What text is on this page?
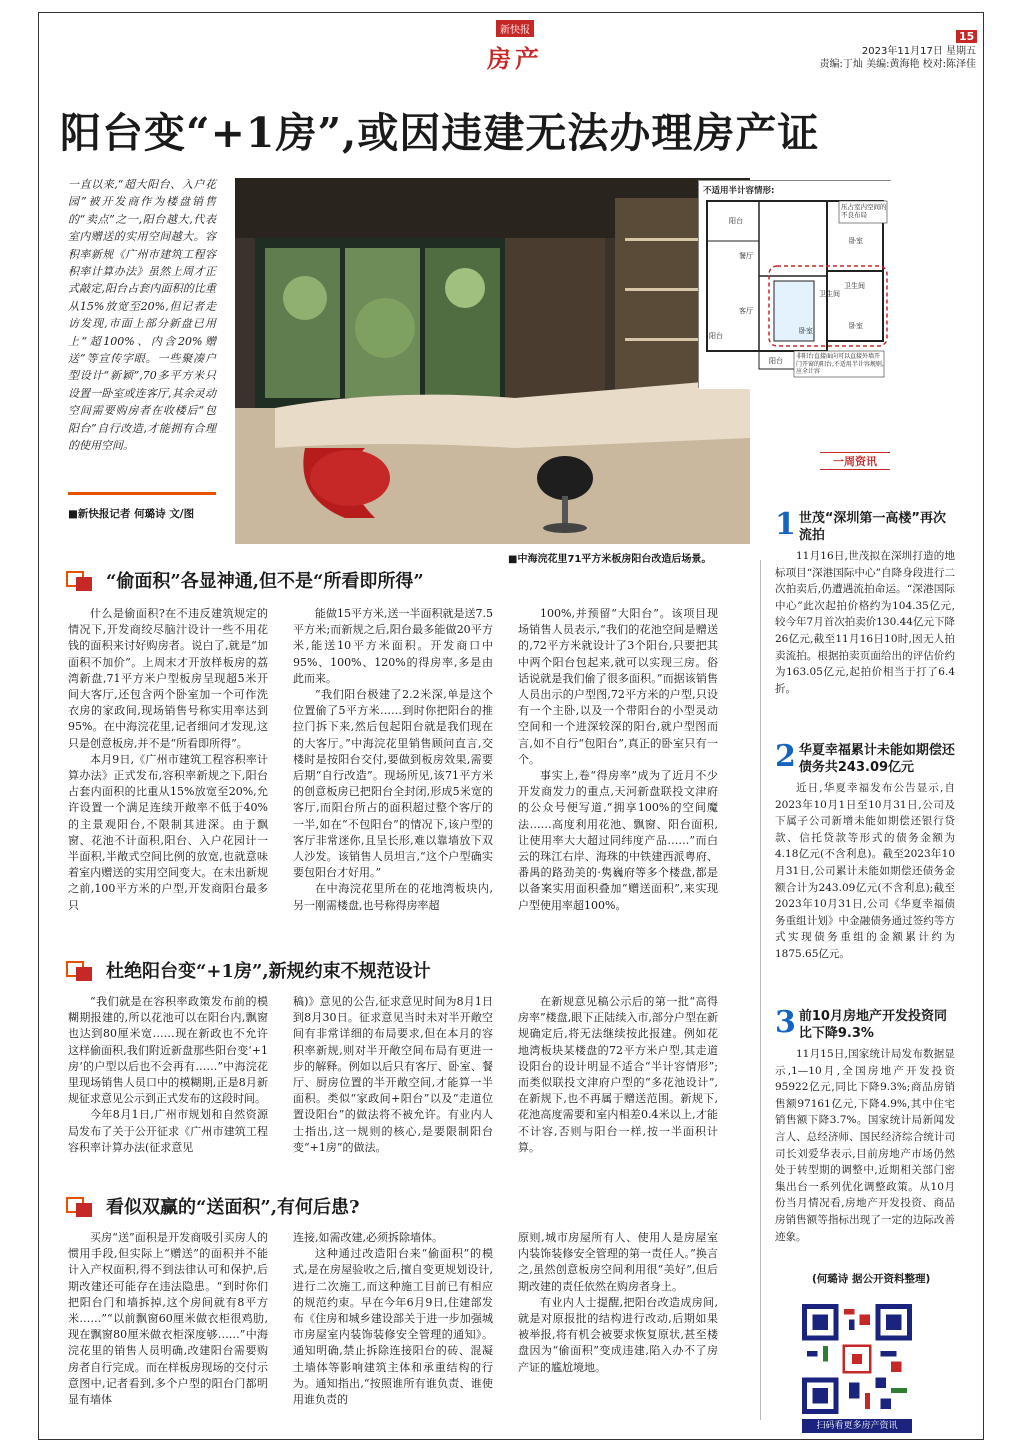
新快报
房产
15
2023年11月17日 星期五
责编:丁灿 美编:黄海艳 校对:陈泽佳
阳台变“+1房”,或因违建无法办理房产证
一直以来,“超大阳台、入户花园”被开发商作为楼盘销售的“卖点”之一,阳台越大,代表室内赠送的实用空间越大。容积率新规《广州市建筑工程容积率计算办法》虽然上周才正式敲定,阳台占套内面积的比重从15%放宽至20%,但记者走访发现,市面上部分新盘已用上“超100%、内含20%赠送”等宣传字眼。一些聚凑户型设计“新颖”,70多平方米只设置一卧室或连客厅,其余灵动空间需要购房者在收楼后“包阳台”自行改造,才能拥有合理的使用空间。
■新快报记者 何璐诗 文/图
■中海浣花里71平方米板房阳台改造后场景。
不适用半计容情形:
阳台
餐厅
客厅
阳台
卧室
卧室
卫生间
卧室
卫生间
阳台
压占室内空间的不良布局
非阳台直接面向可以直接外墙开门开窗的阳台,不适用半计容规则,应全计容
“偷面积”各显神通,但不是“所看即所得”

什么是偷面积?在不违反建筑规定的情况下,开发商绞尽脑汁设计一些不用花钱的面积来讨好购房者。说白了,就是“加面积不加价”。上周末才开放样板房的荔湾新盘,71平方米户型板房呈现超5米开间大客厅,还包含两个卧室加一个可作洗衣房的家政间,现场销售号称实用率达到95%。在中海浣花里,记者细问才发现,这只是创意板房,并不是“所看即所得”。

本月9日,《广州市建筑工程容积率计算办法》正式发布,容积率新规之下,阳台占套内面积的比重从15%放宽至20%,允许设置一个满足连续开敞率不低于40%的主景观阳台,不限制其进深。由于飘窗、花池不计面积,阳台、入户花园计一半面积,半敞式空间比例的放宽,也就意味着室内赠送的实用空间变大。在未出新规之前,100平方米的户型,开发商阳台最多只

能做15平方米,送一半面积就是送7.5平方米;而新规之后,阳台最多能做20平方米,能送10平方米面积。开发商口中95%、100%、120%的得房率,多是由此而来。

“我们阳台极建了2.2米深,单是这个位置偷了5平方米……到时你把阳台的推拉门拆下来,然后包起阳台就是我们现在的大客厅。”中海浣花里销售顾问直言,交楼时是按阳台交付,要做到板房效果,需要后期“自行改造”。现场所见,该71平方米的创意板房已把阳台全封闭,形成5米宽的客厅,而阳台所占的面积超过整个客厅的一半,如在“不包阳台”的情况下,该户型的客厅非常迷你,且呈长形,难以靠墙放下双人沙发。该销售人员坦言,“这个户型确实要包阳台才好用。”

在中海浣花里所在的花地湾板块内,另一刚需楼盘,也号称得房率超

100%,并预留“大阳台”。该项目现场销售人员表示,“我们的花池空间是赠送的,72平方米就设计了3个阳台,只要把其中两个阳台包起来,就可以实现三房。俗话说就是我们偷了很多面积。”而据该销售人员出示的户型图,72平方米的户型,只设有一个主卧,以及一个带阳台的小型灵动空间和一个进深较深的阳台,就户型图而言,如不自行“包阳台”,真正的卧室只有一个。

事实上,卷“得房率”成为了近月不少开发商发力的重点,天河新盘联投文津府的公众号便写道,“拥享100%的空间魔法……高度利用花池、飘窗、阳台面积,让使用率大大超过同纬度产品……”而白云的珠江右岸、海珠的中铁建西派粤府、番禺的路劲美的·隽巍府等多个楼盘,都是以备案实用面积叠加“赠送面积”,来实现户型使用率超100%。

杜绝阳台变“+1房”,新规约束不规范设计

“我们就是在容积率政策发布前的模糊期报建的,所以花池可以在阳台内,飘窗也达到80厘米宽……现在新政也不允许这样偷面积,我们附近新盘那些阳台变‘+1房’的户型以后也不会再有……”中海浣花里现场销售人员口中的模糊期,正是8月新规征求意见公示到正式发布的这段时间。

今年8月1日,广州市规划和自然资源局发布了关于公开征求《广州市建筑工程容积率计算办法(征求意见

稿)》意见的公告,征求意见时间为8月1日到8月30日。征求意见当时未对半开敞空间有非常详细的布局要求,但在本月的容积率新规,则对半开敞空间布局有更进一步的解释。例如以后只有客厅、卧室、餐厅、厨房位置的半开敞空间,才能算一半面积。类似“家政间+阳台”以及“走道位置设阳台”的做法将不被允许。有业内人士指出,这一规则的核心,是要限制阳台变“+1房”的做法。

在新规意见稿公示后的第一批“高得房率”楼盘,眼下正陆续入市,部分户型在新规确定后,将无法继续按此报建。例如花地湾板块某楼盘的72平方米户型,其走道设阳台的设计明显不适合“半计容情形”;而类似联投文津府户型的“多花池设计”,在新规下,也不再属于赠送范围。新规下,花池高度需要和室内相差0.4米以上,才能不计容,否则与阳台一样,按一半面积计算。

看似双赢的“送面积”,有何后患?

买房“送”面积是开发商吸引买房人的惯用手段,但实际上“赠送”的面积并不能计入产权面积,得不到法律认可和保护,后期改建还可能存在违法隐患。“到时你们把阳台门和墙拆掉,这个房间就有8平方米……”“以前飘窗60厘米做衣柜很鸡肋,现在飘窗80厘米做衣柜深度够……”中海浣花里的销售人员明确,改建阳台需要购房者自行完成。而在样板房现场的交付示意图中,记者看到,多个户型的阳台门都明显有墙体

连接,如需改建,必须拆除墙体。

这种通过改造阳台来“偷面积”的模式,是在房屋验收之后,擅自变更规划设计,进行二次施工,而这种施工目前已有相应的规范约束。早在今年6月9日,住建部发布《住房和城乡建设部关于进一步加强城市房屋室内装饰装修安全管理的通知》。通知明确,禁止拆除连接阳台的砖、混凝土墙体等影响建筑主体和承重结构的行为。通知指出,“按照谁所有谁负责、谁使用谁负责的

原则,城市房屋所有人、使用人是房屋室内装饰装修安全管理的第一责任人。”换言之,虽然创意板房空间利用很“美好”,但后期改建的责任依然在购房者身上。

有业内人士提醒,把阳台改造成房间,就是对原报批的结构进行改动,后期如果被举报,将有机会被要求恢复原状,甚至楼盘因为“偷面积”变成违建,陷入办不了房产证的尴尬境地。

一周资讯
1 世茂“深圳第一高楼”再次流拍
11月16日,世茂拟在深圳打造的地标项目“深港国际中心”自降身段进行二次拍卖后,仍遭遇流拍命运。“深港国际中心”此次起拍价格约为104.35亿元,较今年7月首次拍卖价130.44亿元下降26亿元,截至11月16日10时,因无人拍卖流拍。根据拍卖页面给出的评估价约为163.05亿元,起拍价相当于打了6.4折。
2 华夏幸福累计未能如期偿还债务共243.09亿元
近日,华夏幸福发布公告显示,自2023年10月1日至10月31日,公司及下属子公司新增未能如期偿还银行贷款、信托贷款等形式的债务金额为4.18亿元(不含利息)。截至2023年10月31日,公司累计未能如期偿还债务金额合计为243.09亿元(不含利息);截至2023年10月31日,公司《华夏幸福债务重组计划》中金融债务通过签约等方式实现债务重组的金额累计约为1875.65亿元。
3 前10月房地产开发投资同比下降9.3%
11月15日,国家统计局发布数据显示,1—10月,全国房地产开发投资95922亿元,同比下降9.3%;商品房销售额97161亿元,下降4.9%,其中住宅销售额下降3.7%。国家统计局新闻发言人、总经济师、国民经济综合统计司司长刘爱华表示,目前房地产市场仍然处于转型期的调整中,近期相关部门密集出台一系列优化调整政策。从10月份当月情况看,房地产开发投资、商品房销售额等指标出现了一定的边际改善迹象。
(何璐诗 据公开资料整理)
扫码看更多房产资讯
